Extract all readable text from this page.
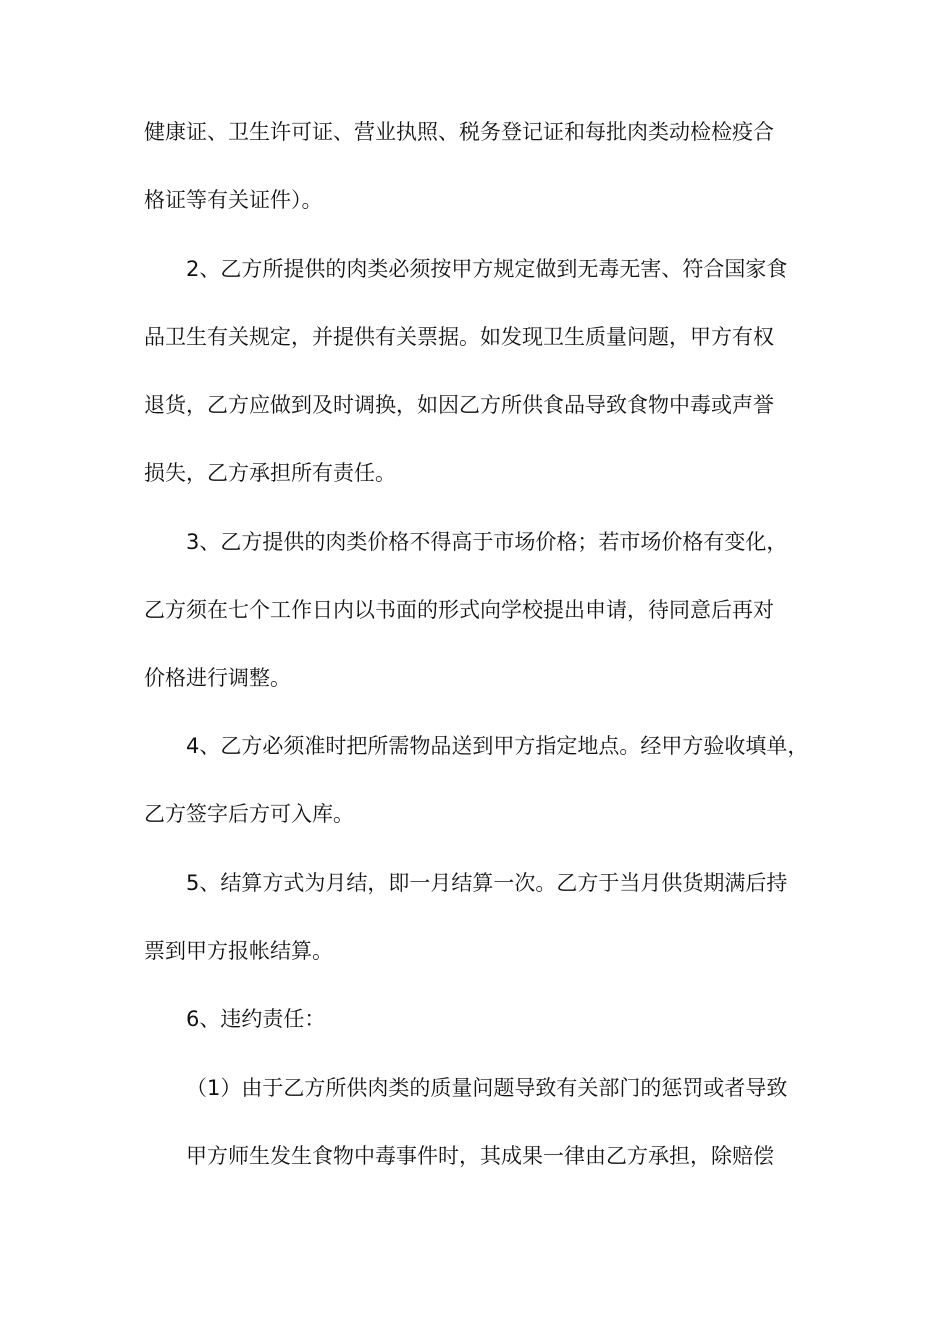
健康证、卫生许可证、营业执照、税务登记证和每批肉类动检检疫合
格证等有关证件）。
2、乙方所提供的肉类必须按甲方规定做到无毒无害、符合国家食
品卫生有关规定，并提供有关票据。如发现卫生质量问题，甲方有权
退货，乙方应做到及时调换，如因乙方所供食品导致食物中毒或声誉
损失，乙方承担所有责任。
3、乙方提供的肉类价格不得高于市场价格；若市场价格有变化，
乙方须在七个工作日内以书面的形式向学校提出申请，待同意后再对
价格进行调整。
4、乙方必须准时把所需物品送到甲方指定地点。经甲方验收填单，
乙方签字后方可入库。
5、结算方式为月结，即一月结算一次。乙方于当月供货期满后持
票到甲方报帐结算。
6、违约责任：
（1）由于乙方所供肉类的质量问题导致有关部门的惩罚或者导致
甲方师生发生食物中毒事件时，其成果一律由乙方承担，除赔偿
